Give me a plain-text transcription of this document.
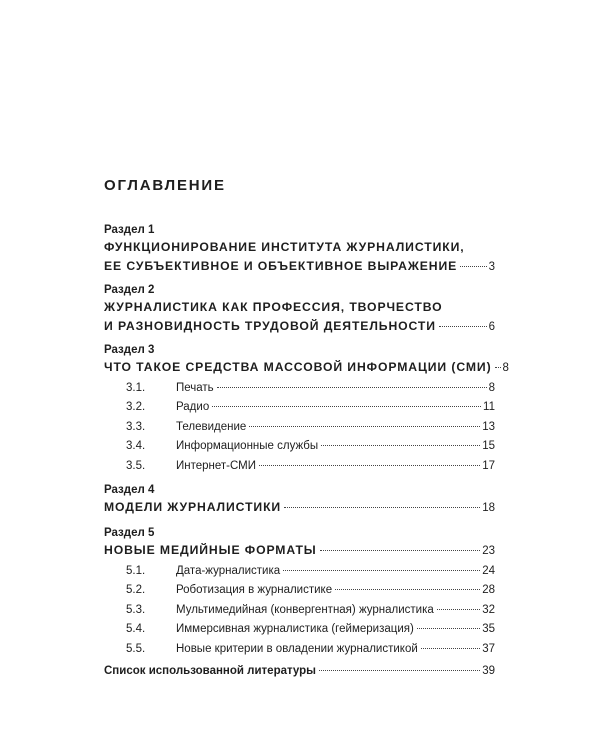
ОГЛАВЛЕНИЕ
Раздел 1
ФУНКЦИОНИРОВАНИЕ ИНСТИТУТА ЖУРНАЛИСТИКИ,
ЕЕ СУБЪЕКТИВНОЕ И ОБЪЕКТИВНОЕ ВЫРАЖЕНИЕ	3
Раздел 2
ЖУРНАЛИСТИКА КАК ПРОФЕССИЯ, ТВОРЧЕСТВО
И РАЗНОВИДНОСТЬ ТРУДОВОЙ ДЕЯТЕЛЬНОСТИ	6
Раздел 3
ЧТО ТАКОЕ СРЕДСТВА МАССОВОЙ ИНФОРМАЦИИ (СМИ) 8
3.1.	Печать	8
3.2.	Радио	11
3.3.	Телевидение	13
3.4.	Информационные службы	15
3.5.	Интернет-СМИ	17
Раздел 4
МОДЕЛИ ЖУРНАЛИСТИКИ	18
Раздел 5
НОВЫЕ МЕДИЙНЫЕ ФОРМАТЫ	23
5.1.	Дата-журналистика	24
5.2.	Роботизация в журналистике	28
5.3.	Мультимедийная (конвергентная) журналистика	32
5.4.	Иммерсивная журналистика (геймеризация)	35
5.5.	Новые критерии в овладении журналистикой	37
Список использованной литературы	39
